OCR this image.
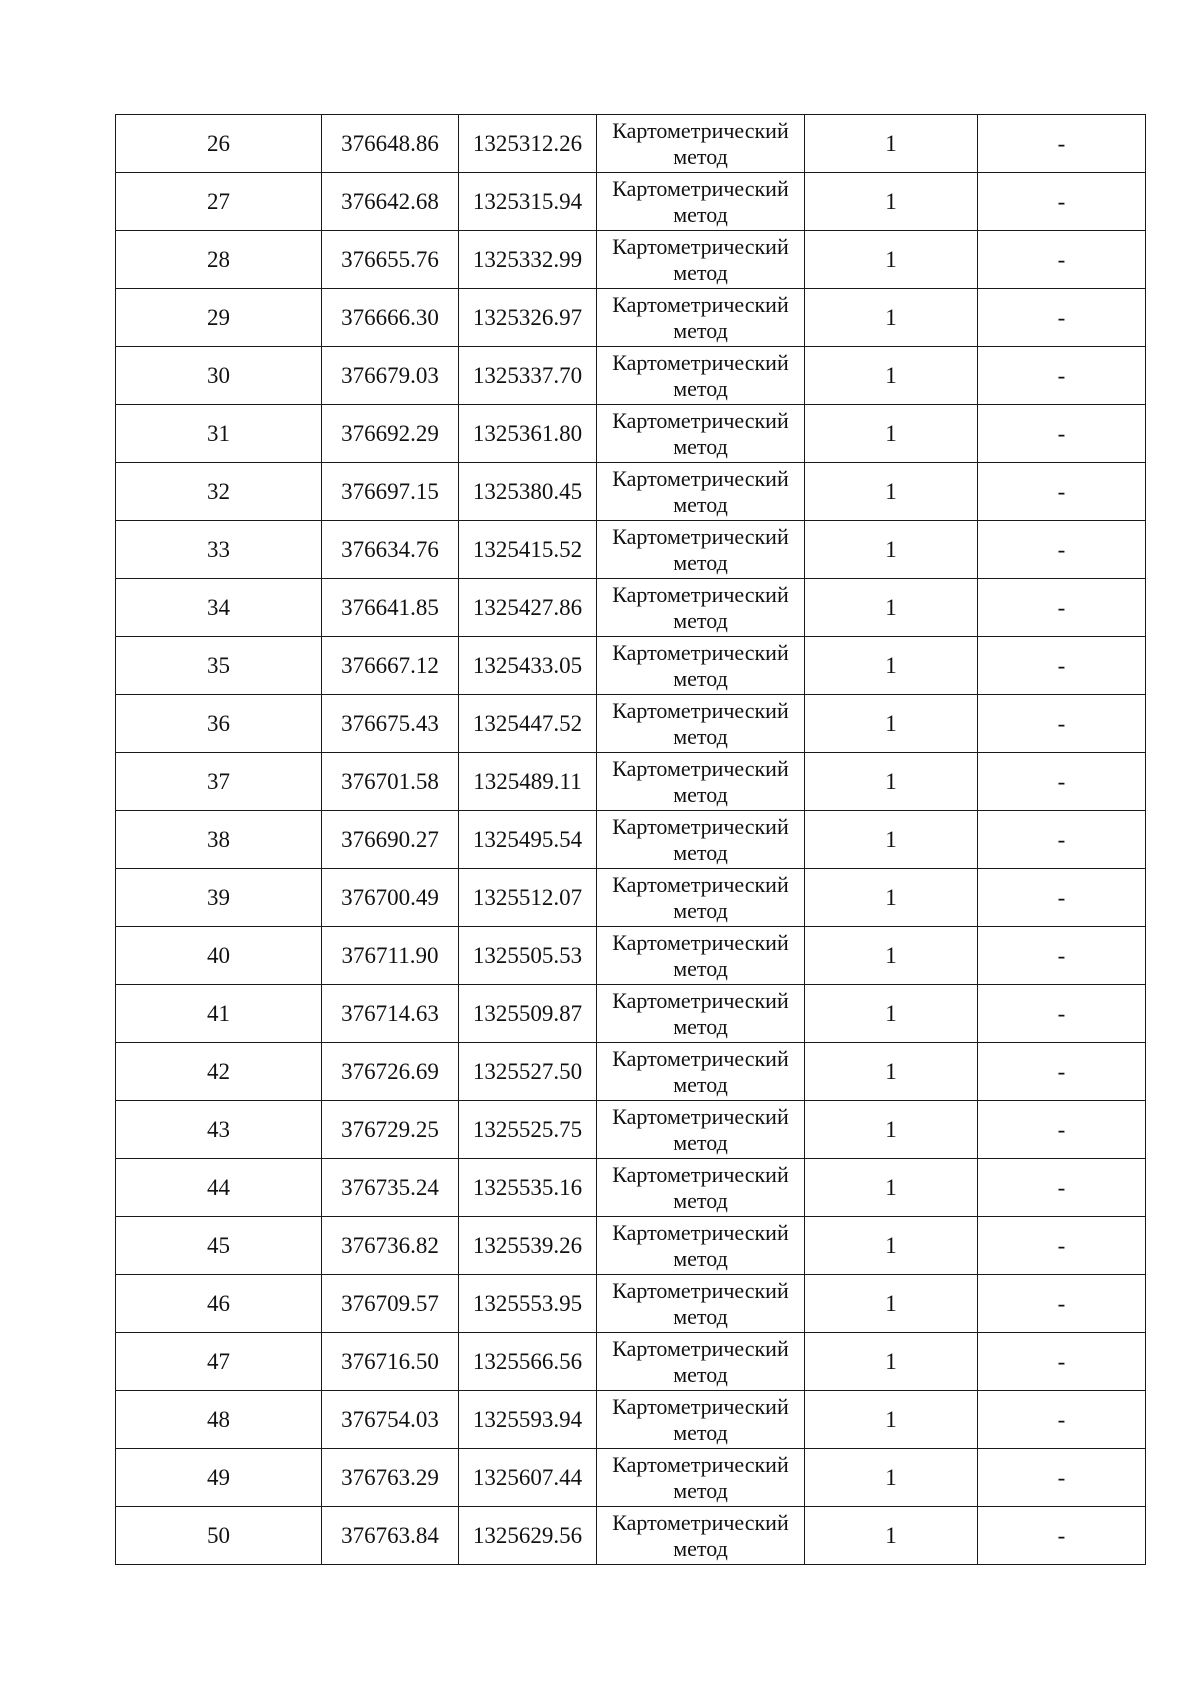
26	376648.86	1325312.26	Картометрический метод	1	-
27	376642.68	1325315.94	Картометрический метод	1	-
28	376655.76	1325332.99	Картометрический метод	1	-
29	376666.30	1325326.97	Картометрический метод	1	-
30	376679.03	1325337.70	Картометрический метод	1	-
31	376692.29	1325361.80	Картометрический метод	1	-
32	376697.15	1325380.45	Картометрический метод	1	-
33	376634.76	1325415.52	Картометрический метод	1	-
34	376641.85	1325427.86	Картометрический метод	1	-
35	376667.12	1325433.05	Картометрический метод	1	-
36	376675.43	1325447.52	Картометрический метод	1	-
37	376701.58	1325489.11	Картометрический метод	1	-
38	376690.27	1325495.54	Картометрический метод	1	-
39	376700.49	1325512.07	Картометрический метод	1	-
40	376711.90	1325505.53	Картометрический метод	1	-
41	376714.63	1325509.87	Картометрический метод	1	-
42	376726.69	1325527.50	Картометрический метод	1	-
43	376729.25	1325525.75	Картометрический метод	1	-
44	376735.24	1325535.16	Картометрический метод	1	-
45	376736.82	1325539.26	Картометрический метод	1	-
46	376709.57	1325553.95	Картометрический метод	1	-
47	376716.50	1325566.56	Картометрический метод	1	-
48	376754.03	1325593.94	Картометрический метод	1	-
49	376763.29	1325607.44	Картометрический метод	1	-
50	376763.84	1325629.56	Картометрический метод	1	-
